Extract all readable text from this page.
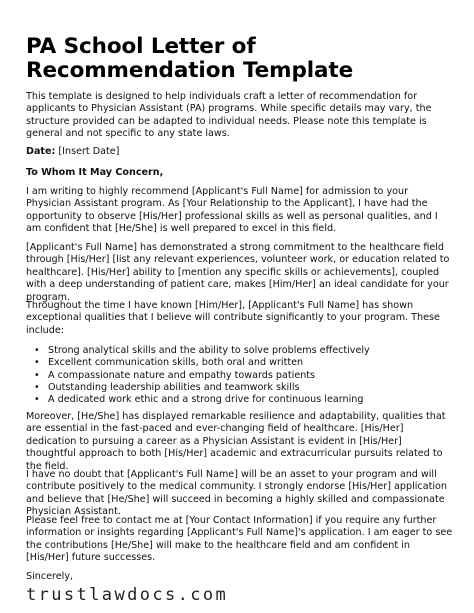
PA School Letter of Recommendation Template

This template is designed to help individuals craft a letter of recommendation for applicants to Physician Assistant (PA) programs. While specific details may vary, the structure provided can be adapted to individual needs. Please note this template is general and not specific to any state laws.

Date: [Insert Date]

To Whom It May Concern,

I am writing to highly recommend [Applicant's Full Name] for admission to your Physician Assistant program. As [Your Relationship to the Applicant], I have had the opportunity to observe [His/Her] professional skills as well as personal qualities, and I am confident that [He/She] is well prepared to excel in this field.

[Applicant's Full Name] has demonstrated a strong commitment to the healthcare field through [His/Her] [list any relevant experiences, volunteer work, or education related to healthcare]. [His/Her] ability to [mention any specific skills or achievements], coupled with a deep understanding of patient care, makes [Him/Her] an ideal candidate for your program.

Throughout the time I have known [Him/Her], [Applicant's Full Name] has shown exceptional qualities that I believe will contribute significantly to your program. These include:

• Strong analytical skills and the ability to solve problems effectively
• Excellent communication skills, both oral and written
• A compassionate nature and empathy towards patients
• Outstanding leadership abilities and teamwork skills
• A dedicated work ethic and a strong drive for continuous learning

Moreover, [He/She] has displayed remarkable resilience and adaptability, qualities that are essential in the fast-paced and ever-changing field of healthcare. [His/Her] dedication to pursuing a career as a Physician Assistant is evident in [His/Her] thoughtful approach to both [His/Her] academic and extracurricular pursuits related to the field.

I have no doubt that [Applicant's Full Name] will be an asset to your program and will contribute positively to the medical community. I strongly endorse [His/Her] application and believe that [He/She] will succeed in becoming a highly skilled and compassionate Physician Assistant.

Please feel free to contact me at [Your Contact Information] if you require any further information or insights regarding [Applicant's Full Name]'s application. I am eager to see the contributions [He/She] will make to the healthcare field and am confident in [His/Her] future successes.

Sincerely,

trustlawdocs.com
